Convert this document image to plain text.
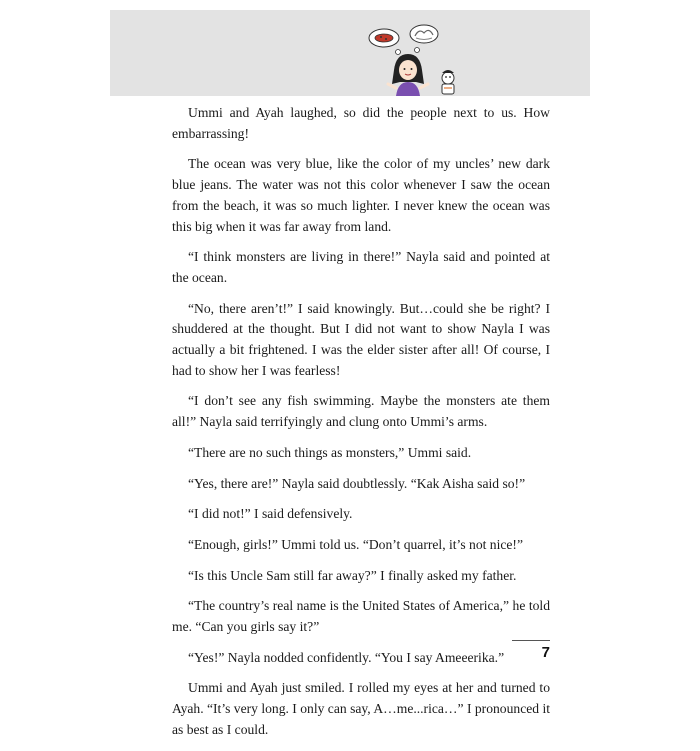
Ummi and Ayah laughed, so did the people next to us. How embarrassing!

The ocean was very blue, like the color of my uncles’ new dark blue jeans. The water was not this color whenever I saw the ocean from the beach, it was so much lighter. I never knew the ocean was this big when it was far away from land.

“I think monsters are living in there!” Nayla said and pointed at the ocean.

“No, there aren’t!” I said knowingly. But…could she be right? I shuddered at the thought. But I did not want to show Nayla I was actually a bit frightened. I was the elder sister after all! Of course, I had to show her I was fearless!

“I don’t see any fish swimming. Maybe the monsters ate them all!” Nayla said terrifyingly and clung onto Ummi’s arms.

“There are no such things as monsters,” Ummi said.

“Yes, there are!” Nayla said doubtlessly. “Kak Aisha said so!”

“I did not!” I said defensively.

“Enough, girls!” Ummi told us. “Don’t quarrel, it’s not nice!”

“Is this Uncle Sam still far away?” I finally asked my father.

“The country’s real name is the United States of America,” he told me. “Can you girls say it?”

“Yes!” Nayla nodded confidently. “You I say Ameeerika.”

Ummi and Ayah just smiled. I rolled my eyes at her and turned to Ayah. “It’s very long. I only can say, A…me...rica…” I pronounced it as best as I could.

7
